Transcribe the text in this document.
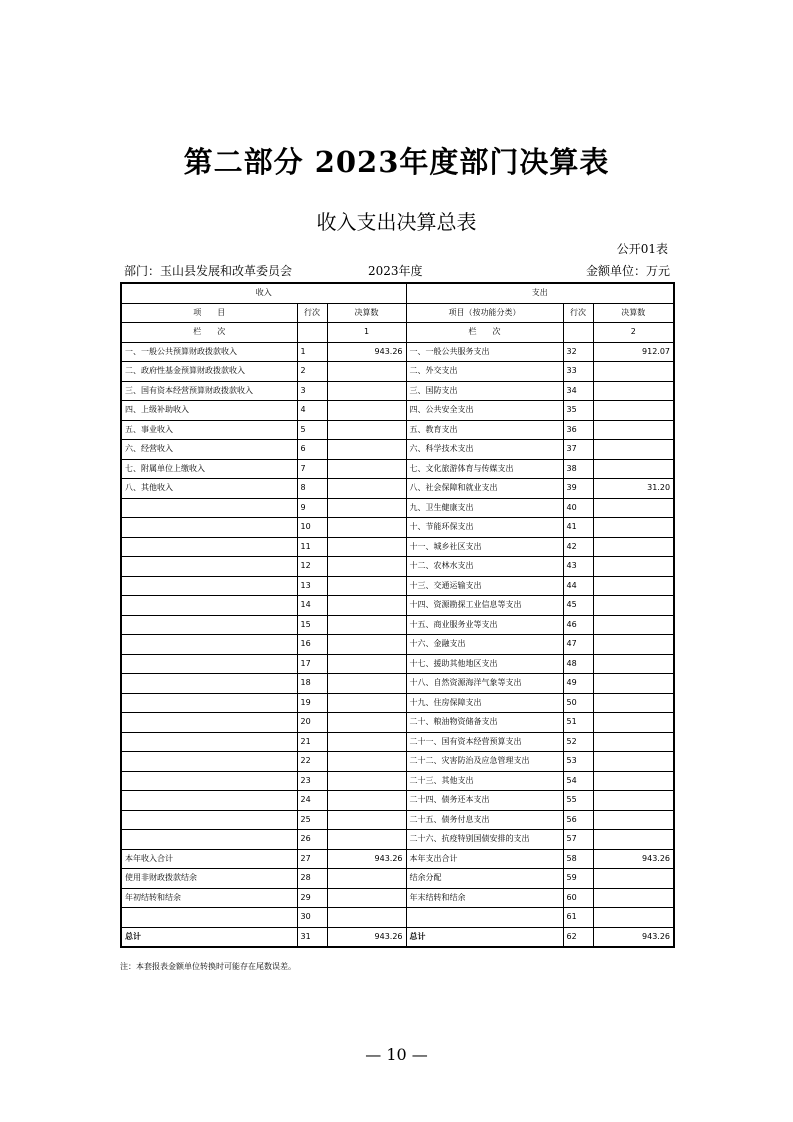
第二部分 2023年度部门决算表
收入支出决算总表
公开01表
部门：玉山县发展和改革委员会	2023年度	金额单位：万元
收入			支出		
项　　目	行次	决算数	项目（按功能分类）	行次	决算数
栏　　次		1	栏　　次		2
一、一般公共预算财政拨款收入	1	943.26	一、一般公共服务支出	32	912.07
二、政府性基金预算财政拨款收入	2		二、外交支出	33	
三、国有资本经营预算财政拨款收入	3		三、国防支出	34	
四、上级补助收入	4		四、公共安全支出	35	
五、事业收入	5		五、教育支出	36	
六、经营收入	6		六、科学技术支出	37	
七、附属单位上缴收入	7		七、文化旅游体育与传媒支出	38	
八、其他收入	8		八、社会保障和就业支出	39	31.20
	9		九、卫生健康支出	40	
	10		十、节能环保支出	41	
	11		十一、城乡社区支出	42	
	12		十二、农林水支出	43	
	13		十三、交通运输支出	44	
	14		十四、资源勘探工业信息等支出	45	
	15		十五、商业服务业等支出	46	
	16		十六、金融支出	47	
	17		十七、援助其他地区支出	48	
	18		十八、自然资源海洋气象等支出	49	
	19		十九、住房保障支出	50	
	20		二十、粮油物资储备支出	51	
	21		二十一、国有资本经营预算支出	52	
	22		二十二、灾害防治及应急管理支出	53	
	23		二十三、其他支出	54	
	24		二十四、债务还本支出	55	
	25		二十五、债务付息支出	56	
	26		二十六、抗疫特别国债安排的支出	57	
本年收入合计	27	943.26	本年支出合计	58	943.26
使用非财政拨款结余	28		结余分配	59	
年初结转和结余	29		年末结转和结余	60	
	30			61	
总计	31	943.26	总计	62	943.26
注：本套报表金额单位转换时可能存在尾数误差。
— 10 —
